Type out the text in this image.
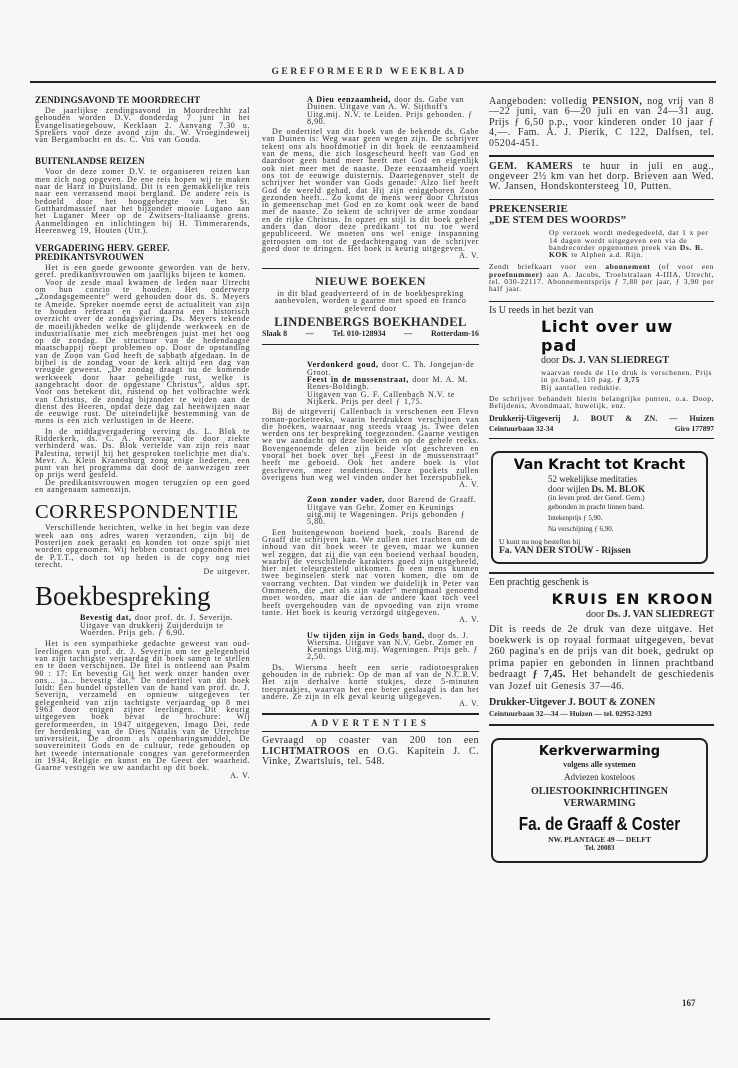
GEREFORMEERD WEEKBLAD
ZENDINGSAVOND TE MOORDRECHT

De jaarlijkse zendingsavond in Moordrechht zal gehouden worden D.V. donderdag 7 juni in het Evangelisatiegebouw, Kerklaan 2. Aanvang 7.30 u. Sprekers voor deze avond zijn ds. W. Vroegindeweij van Bergambacht en ds. C. Vos van Gouda.

BUITENLANDSE REIZEN

Voor de deze zomer D.V. te organiseren reizen kan men zich nog opgeven. De ene reis hopen wij te maken naar de Harz in Duitsland. Dit is een gemakkelijke reis naar een verrassend mooi bergland. De andere reis is bedoeld door het hooggebergte van het St. Gotthardmassief naar het bijzonder mooie Lugano aan het Luganer Meer op de Zwitsers-Italiaanse grens. Aanmeldingen en inlichtingen bij H. Timmerarends, Heerenweg 19, Houten (Utr.).

VERGADERING HERV. GEREF. PREDIKANTSVROUWEN

Het is een goede gewoonte geworden van de herv. geref. predikantsvrouwen om jaarlijks bijeen te komen.

Voor de zesde maal kwamen de leden naar Utrecht om hun concio te houden. Het onderwerp „Zondagsgemeente” werd gehouden door ds. S. Meyers te Ameide. Spreker noemde eerst de actualiteit van zijn te houden referaat en gaf daarna een historisch overzicht over de zondagsviering. Ds. Meyers tekende de moeilijkheden welke de glijdende werkweek en de industrialisatie met zich meebrengen juist met het oog op de zondag. De structuur van de hedendaagse maatschappij roept problemen op. Door de opstanding van de Zoon van God heeft de sabbath afgedaan. In de bijbel is de zondag voor de kerk altijd een dag van vreugde geweest. „De zondag draagt nu de komende werkweek door haar geheiligde rust, welke is aangebracht door de opgestane Christus”, aldus spr. Voor ons betekent dit, rustend op het volbrachte werk van Christus, de zondag bijzonder te wijden aan de dienst des Heeren, opdat deze dag zal heenwijzen naar de eeuwige rust. De uiteindelijke bestemming van de mens is een zich verlustigen in de Heere.

In de middagvergadering verving ds. L. Blok te Ridderkerk, ds. C. A. Korevaar, die door ziekte verhinderd was. Ds. Blok vertelde van zijn reis naar Palestina, terwijl hij het gesproken toelichtte met dia's. Mevr. A. Klein Kranenburg zong enige liederen, een punt van het programma dat door de aanwezigen zeer op prijs werd gesteld.

De predikantsvrouwen mogen terugzien op een goed en aangenaam samenzijn.

CORRESPONDENTIE

Verschillende berichten, welke in het begin van deze week aan ons adres waren verzonden, zijn bij de Posterijen zoek geraakt en konden tot onze spijt niet worden opgenomen. Wij hebben contact opgenomen met de P.T.T., doch tot op heden is de copy nog niet terecht.

De uitgever.
Boekbespreking
Bevestig dat, door prof. dr. J. Severijn. Uitgave van drukkerij Zuijderduijn te Woerden. Prijs geb. ƒ 6,90.

Het is een sympathieke gedachte geweest van oud-leerlingen van prof. dr. J. Severijn om ter gelegenheid van zijn tachtigste verjaardag dit boek samen te stellen en te doen verschijnen. De titel is ontleend aan Psalm 90 : 17: En bevestig Gij het werk onzer handen over ons... ja... bevestig dat.” De ondertitel van dit boek luidt: Een bundel opstellen van de hand van prof. dr. J. Severijn, verzameld en opnieuw uitgegeven ter gelegenheid van zijn tachtigste verjaardag op 8 mei 1963 door enigen zijner leerlingen. Dit keurig uitgegeven boek bevat de brochure: Wij gereformeerden, in 1947 uitgegeven, Imago Dei, rede ter herdenking van de Dies Natalis van de Utrechtse universiteit, De droom als openbaringsmiddel, De souvereiniteit Gods en de cultuur, rede gehouden op het tweede internationale congres van gereformeerden in 1934, Religie en kunst en De Geest der waarheid. Gaarne vestigen we uw aandacht op dit boek.

A. V.
A Dieu eenzaamheid, door ds. Gabe van Duinen. Uitgave van A. W. Sijthoff's Uitg.mij. N.V. te Leiden. Prijs gebonden. ƒ 8,90.

De ondertitel van dit boek van de bekende ds. Gabe van Duinen is: Weg waar geen wegen zijn. De schrijver tekent ons als hoofdmotief in dit boek de eenzaamheid van de mens, die zich losgescheurd heeft van God en daardoor geen band meer heeft met God en eigenlijk ook niet meer met de naaste. Deze eenzaamheid voert ons tot de eeuwige duisternis. Daartegenover stelt de schrijver het wonder van Gods genade: Alzo lief heeft God de wereld gehad, dat Hij zijn eniggeboren Zoon gezonden heeft... Zo komt de mens weer door Christus in gemeenschap met God en zo komt ook weer de band met de naaste. Zo tekent de schrijver de arme zondaar en de rijke Christus. In opzet en stijl is dit boek geheel anders dan door deze predikant tot nu toe werd gepubliceerd. We moeten ons wel enige inspanning getroosten om tot de gedachtengang van de schrijver goed door te dringen. Het boek is keurig uitgegeven.

A. V.
NIEUWE BOEKEN
in dit blad geadverteerd of in de boekbespreking aanbevolen, worden u gaarne met spoed en franco geleverd door
LINDENBERGS BOEKHANDEL
Slaak 8 — Tel. 010-128934 — Rotterdam-16
Verdonkerd goud, door C. Th. Jongejan-de Groot.
Feest in de mussenstraat, door M. A. M. Renes-Boldingh.
Uitgaven van G. F. Callenbach N.V. te Nijkerk. Prijs per deel ƒ 1,75.

Bij de uitgeverij Callenbach is verschenen een Flevo roman-pocketreeks, waarin herdrukken verschijnen van die boeken, waarnaar nog steeds vraag is. Twee delen werden ons ter bespreking toegezonden. Gaarne vestigen we uw aandacht op deze boeken en op de gehele reeks. Bovengenoemde delen zijn beide vlot geschreven en vooral het boek over het „Feest in de mussenstraat” heeft me geboeid. Ook het andere boek is vlot geschreven, meer tendentieus. Deze pockets zullen overigens hun weg wel vinden onder het lezerspubliek.

A. V.
Zoon zonder vader, door Barend de Graaff. Uitgave van Gebr. Zomer en Keunings uitg.mij te Wageningen. Prijs gebonden ƒ 5,80.

Een buitengewoon boeiend boek, zoals Barend de Graaff die schrijven kan. We zullen niet trachten om de inhoud van dit boek weer te geven, maar we kunnen wel zeggen, dat zij die van een boeiend verhaal houden, waarbij de verschillende karakters goed zijn uitgebeeld, hier niet teleurgesteld uitkomen. In een mens kunnen twee beginselen sterk nar voren komen, die om de voorrang vechten. Dat vinden we duidelijk in Peter van Ommeren, die „net als zijn vader” menigmaal genoemd moet worden, maar die aan de andere kant toch veel heeft overgehouden van de opvoeding van zijn vrome tante. Het boek is keurig verzorgd uitgegeven.

A. V.
Uw tijden zijn in Gods hand, door ds. J. Wiersma. Uitgave van N.V. Gebr. Zomer en Keunings Uitg.mij. Wageningen. Prijs geb. ƒ 2,50.

Ds. Wiersma heeft een serie radiotoespraken gehouden in de rubriek: Op de man af van de N.C.R.V. Het zijn derhalve korte stukjes, deze 5-minuten toespraakjes, waarvan het ene beter geslaagd is dan het andere. Ze zijn in elk geval keurig uitgegeven.

A. V.
ADVERTENTIES
Gevraagd op coaster van 200 ton een LICHTMATROOS en O.G. Kapitein J. C. Vinke, Zwartsluis, tel. 548.
Aangeboden: volledig PENSION, nog vrij van 8—22 juni, van 6—20 juli en van 24—31 aug. Prijs ƒ 6,50 p.p., voor kinderen onder 10 jaar ƒ 4,—. Fam. A. J. Pierik, C 122, Dalfsen, tel. 05204-451.
GEM. KAMERS te huur in juli en aug., ongeveer 2½ km van het dorp. Brieven aan Wed. W. Jansen, Hondskontersteeg 10, Putten.
PREKENSERIE
„DE STEM DES WOORDS”
Op verzoek wordt medegedeeld, dat 1 x per 14 dagen wordt uitgegeven een via de bandrecorder opgenomen preek van Ds. R. KOK te Alphen a.d. Rijn.
Zendt briefkaart voor een abonnement (of voor een proefnummer) aan A. Jacobs, Troelstralaan 4-IIIA, Utrecht, tel. 030-22117. Abonnementsprijs ƒ 7,80 per jaar, ƒ 3,90 per half jaar.
Is U reeds in het bezit van
Licht over uw pad
door Ds. J. VAN SLIEDREGT
waarvan reeds de 11e druk is verschenen. Prijs in pr.band, 110 pag. ƒ 3,75
Bij aantallen reduktie.
De schrijver behandelt hierin belangrijke punten, o.a. Doop, Belijdenis, Avondmaal, huwelijk, enz.
Drukkerij-Uitgeverij J. BOUT & ZN. — Huizen
Ceintuurbaan 32-34	Giro 177897
Van Kracht tot Kracht
52 wekelijkse meditaties
door wijlen Ds. M. BLOK
(in leven pred. der Geref. Gem.)
gebonden in pracht linnen band.
Intekenprijs ƒ 5,90.
Na verschijning ƒ 6,90.
U kunt nu nog bestellen bij
Fa. VAN DER STOUW - Rijssen
Een prachtig geschenk is
KRUIS EN KROON
door Ds. J. VAN SLIEDREGT
Dit is reeds de 2e druk van deze uitgave. Het boekwerk is op royaal formaat uitgegeven, bevat 260 pagina's en de prijs van dit boek, gedrukt op prima papier en gebonden in linnen prachtband bedraagt ƒ 7,45. Het behandelt de geschiedenis van Jozef uit Genesis 37—46.
Drukker-Uitgever J. BOUT & ZONEN
Ceintuurbaan 32—34 — Huizen — tel. 02952-3293
Kerkverwarming
volgens alle systemen
Adviezen kosteloos
OLIESTOOKINRICHTINGEN
VERWARMING
Fa. de Graaff & Coster
NW. PLANTAGE 49 — DELFT
Tel. 20083
167
